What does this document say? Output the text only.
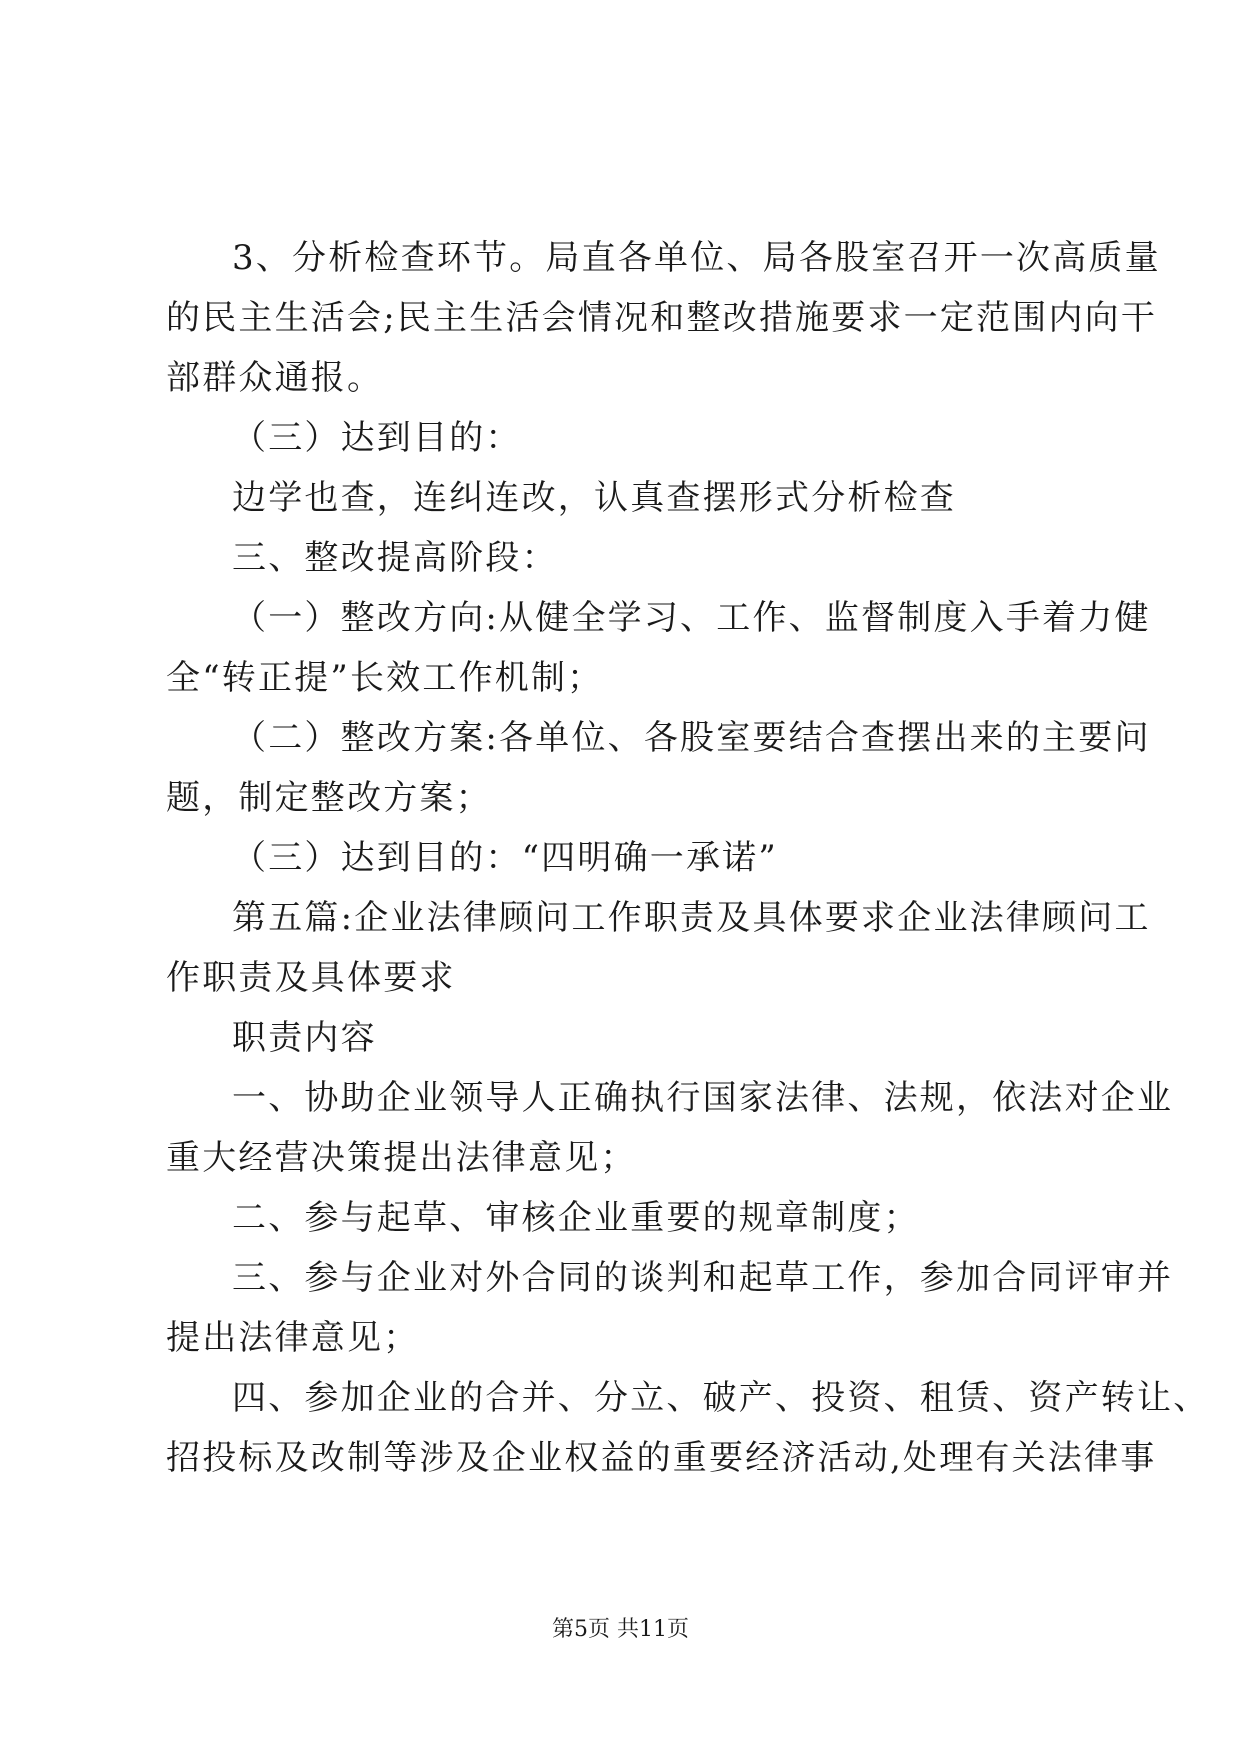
3、分析检查环节。局直各单位、局各股室召开一次高质量
的民主生活会;民主生活会情况和整改措施要求一定范围内向干
部群众通报。
（三）达到目的：
边学也查，连纠连改，认真查摆形式分析检查
三、整改提高阶段：
（一）整改方向:从健全学习、工作、监督制度入手着力健
全“转正提”长效工作机制；
（二）整改方案:各单位、各股室要结合查摆出来的主要问
题，制定整改方案；
（三）达到目的：“四明确一承诺”
第五篇:企业法律顾问工作职责及具体要求企业法律顾问工
作职责及具体要求
职责内容
一、协助企业领导人正确执行国家法律、法规，依法对企业
重大经营决策提出法律意见；
二、参与起草、审核企业重要的规章制度；
三、参与企业对外合同的谈判和起草工作，参加合同评审并
提出法律意见；
四、参加企业的合并、分立、破产、投资、租赁、资产转让、
招投标及改制等涉及企业权益的重要经济活动,处理有关法律事
第5页 共11页
